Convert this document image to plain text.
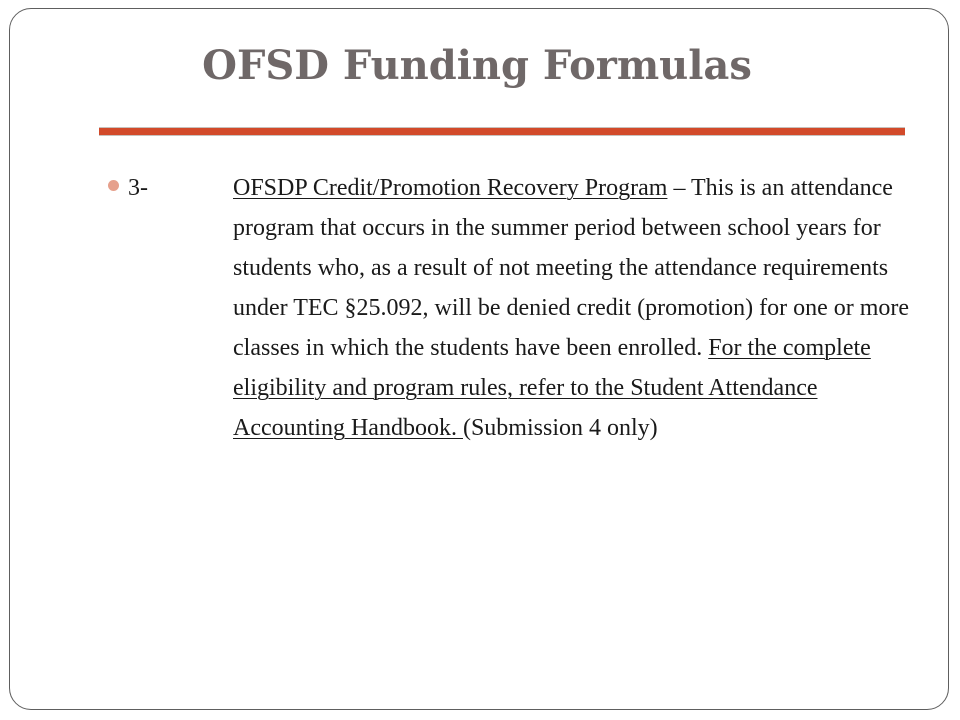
OFSD Funding Formulas
3-	OFSDP Credit/Promotion Recovery Program – This is an attendance program that occurs in the summer period between school years for students who, as a result of not meeting the attendance requirements under TEC §25.092, will be denied credit (promotion) for one or more classes in which the students have been enrolled. For the complete eligibility and program rules, refer to the Student Attendance Accounting Handbook. (Submission 4 only)
